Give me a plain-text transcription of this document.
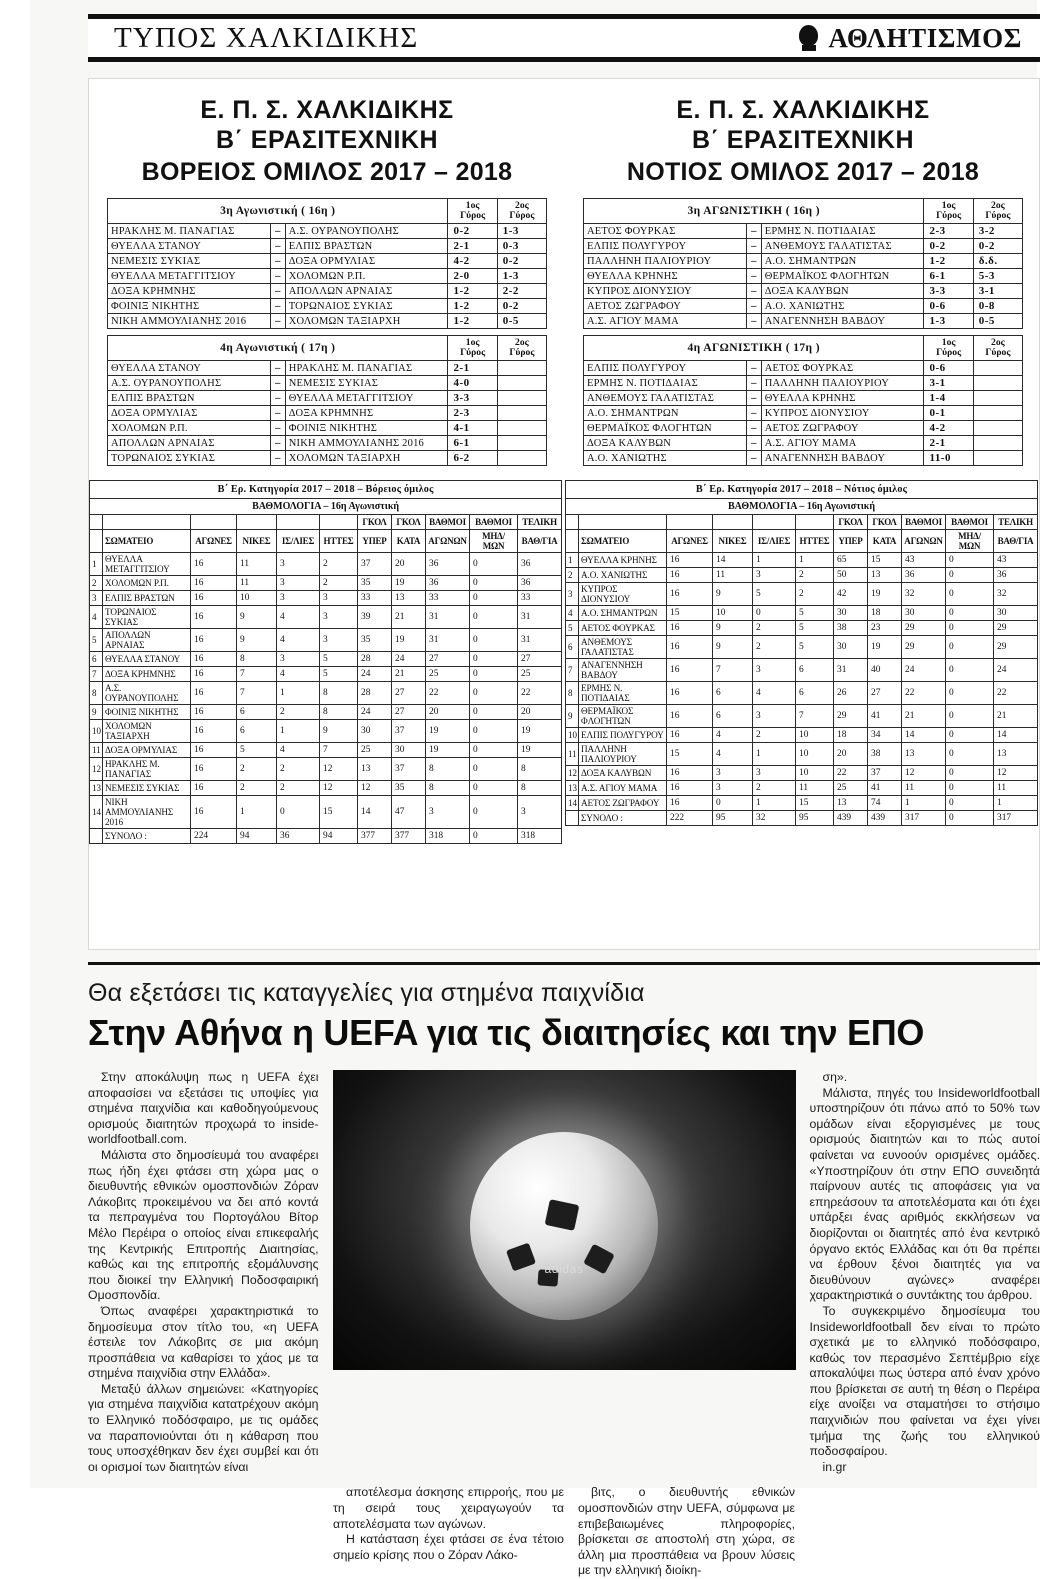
ΤΥΠΟΣ ΧΑΛΚΙΔΙΚΗΣ	ΑΘΛΗΤΙΣΜΟΣ
Ε. Π. Σ. ΧΑΛΚΙΔΙΚΗΣ
Β΄ ΕΡΑΣΙΤΕΧΝΙΚΗ
ΒΟΡΕΙΟΣ ΟΜΙΛΟΣ 2017 – 2018
3η Αγωνιστική ( 16η )			1ος
Γύρος	2ος
Γύρος
ΗΡΑΚΛΗΣ Μ. ΠΑΝΑΓΙΑΣ	–	Α.Σ. ΟΥΡΑΝΟΥΠΟΛΗΣ	0-2	1-3
ΘΥΕΛΛΑ ΣΤΑΝΟΥ	–	ΕΛΠΙΣ ΒΡΑΣΤΩΝ	2-1	0-3
ΝΕΜΕΣΙΣ ΣΥΚΙΑΣ	–	ΔΟΞΑ ΟΡΜΥΛΙΑΣ	4-2	0-2
ΘΥΕΛΛΑ ΜΕΤΑΓΓΙΤΣΙΟΥ	–	ΧΟΛΟΜΩΝ Ρ.Π.	2-0	1-3
ΔΟΞΑ ΚΡΗΜΝΗΣ	–	ΑΠΟΛΛΩΝ ΑΡΝΑΙΑΣ	1-2	2-2
ΦΟΙΝΙΞ ΝΙΚΗΤΗΣ	–	ΤΟΡΩΝΑΙΟΣ ΣΥΚΙΑΣ	1-2	0-2
ΝΙΚΗ ΑΜΜΟΥΛΙΑΝΗΣ 2016	–	ΧΟΛΟΜΩΝ ΤΑΞΙΑΡΧΗ	1-2	0-5
4η Αγωνιστική ( 17η )			1ος
Γύρος	2ος
Γύρος
ΘΥΕΛΛΑ ΣΤΑΝΟΥ	–	ΗΡΑΚΛΗΣ Μ. ΠΑΝΑΓΙΑΣ	2-1	
Α.Σ. ΟΥΡΑΝΟΥΠΟΛΗΣ	–	ΝΕΜΕΣΙΣ ΣΥΚΙΑΣ	4-0	
ΕΛΠΙΣ ΒΡΑΣΤΩΝ	–	ΘΥΕΛΛΑ ΜΕΤΑΓΓΙΤΣΙΟΥ	3-3	
ΔΟΞΑ ΟΡΜΥΛΙΑΣ	–	ΔΟΞΑ ΚΡΗΜΝΗΣ	2-3	
ΧΟΛΟΜΩΝ Ρ.Π.	–	ΦΟΙΝΙΞ ΝΙΚΗΤΗΣ	4-1	
ΑΠΟΛΛΩΝ ΑΡΝΑΙΑΣ	–	ΝΙΚΗ ΑΜΜΟΥΛΙΑΝΗΣ 2016	6-1	
ΤΟΡΩΝΑΙΟΣ ΣΥΚΙΑΣ	–	ΧΟΛΟΜΩΝ ΤΑΞΙΑΡΧΗ	6-2	
Β΄ Ερ. Κατηγορία 2017 – 2018 – Βόρειος όμιλος										
ΒΑΘΜΟΛΟΓΙΑ – 16η Αγωνιστική										
						ΓΚΟΛ	ΓΚΟΛ	ΒΑΘΜΟΙ	ΒΑΘΜΟΙ	ΤΕΛΙΚΗ
	ΣΩΜΑΤΕΙΟ	ΑΓΩΝΕΣ	ΝΙΚΕΣ	ΙΣ/ΛΙΕΣ	ΗΤΤΕΣ	ΥΠΕΡ	ΚΑΤΑ	ΑΓΩΝΩΝ	ΜΗΔ/ΜΩΝ	ΒΑΘ/ΓΙΑ
1	ΘΥΕΛΛΑ ΜΕΤΑΓΓΙΤΣΙΟΥ	16	11	3	2	37	20	36	0	36
2	ΧΟΛΟΜΩΝ Ρ.Π.	16	11	3	2	35	19	36	0	36
3	ΕΛΠΙΣ ΒΡΑΣΤΩΝ	16	10	3	3	33	13	33	0	33
4	ΤΟΡΩΝΑΙΟΣ ΣΥΚΙΑΣ	16	9	4	3	39	21	31	0	31
5	ΑΠΟΛΛΩΝ ΑΡΝΑΙΑΣ	16	9	4	3	35	19	31	0	31
6	ΘΥΕΛΛΑ ΣΤΑΝΟΥ	16	8	3	5	28	24	27	0	27
7	ΔΟΞΑ ΚΡΗΜΝΗΣ	16	7	4	5	24	21	25	0	25
8	Α.Σ. ΟΥΡΑΝΟΥΠΟΛΗΣ	16	7	1	8	28	27	22	0	22
9	ΦΟΙΝΙΞ ΝΙΚΗΤΗΣ	16	6	2	8	24	27	20	0	20
10	ΧΟΛΟΜΩΝ ΤΑΞΙΑΡΧΗ	16	6	1	9	30	37	19	0	19
11	ΔΟΞΑ ΟΡΜΥΛΙΑΣ	16	5	4	7	25	30	19	0	19
12	ΗΡΑΚΛΗΣ Μ. ΠΑΝΑΓΙΑΣ	16	2	2	12	13	37	8	0	8
13	ΝΕΜΕΣΙΣ ΣΥΚΙΑΣ	16	2	2	12	12	35	8	0	8
14	ΝΙΚΗ ΑΜΜΟΥΛΙΑΝΗΣ 2016	16	1	0	15	14	47	3	0	3
	ΣΥΝΟΛΟ :	224	94	36	94	377	377	318	0	318
Ε. Π. Σ. ΧΑΛΚΙΔΙΚΗΣ
Β΄ ΕΡΑΣΙΤΕΧΝΙΚΗ
ΝΟΤΙΟΣ ΟΜΙΛΟΣ 2017 – 2018
3η ΑΓΩΝΙΣΤΙΚΗ ( 16η )			1ος
Γύρος	2ος
Γύρος
ΑΕΤΟΣ ΦΟΥΡΚΑΣ	–	ΕΡΜΗΣ Ν. ΠΟΤΙΔΑΙΑΣ	2-3	3-2
ΕΛΠΙΣ ΠΟΛΥΓΥΡΟΥ	–	ΑΝΘΕΜΟΥΣ ΓΑΛΑΤΙΣΤΑΣ	0-2	0-2
ΠΑΛΛΗΝΗ ΠΑΛΙΟΥΡΙΟΥ	–	Α.Ο. ΣΗΜΑΝΤΡΩΝ	1-2	δ.δ.
ΘΥΕΛΛΑ ΚΡΗΝΗΣ	–	ΘΕΡΜΑΪΚΟΣ ΦΛΟΓΗΤΩΝ	6-1	5-3
ΚΥΠΡΟΣ ΔΙΟΝΥΣΙΟΥ	–	ΔΟΞΑ ΚΑΛΥΒΩΝ	3-3	3-1
ΑΕΤΟΣ ΖΩΓΡΑΦΟΥ	–	Α.Ο. ΧΑΝΙΩΤΗΣ	0-6	0-8
Α.Σ. ΑΓΙΟΥ ΜΑΜΑ	–	ΑΝΑΓΕΝΝΗΣΗ ΒΑΒΔΟΥ	1-3	0-5
4η ΑΓΩΝΙΣΤΙΚΗ ( 17η )			1ος
Γύρος	2ος
Γύρος
ΕΛΠΙΣ ΠΟΛΥΓΥΡΟΥ	–	ΑΕΤΟΣ ΦΟΥΡΚΑΣ	0-6	
ΕΡΜΗΣ Ν. ΠΟΤΙΔΑΙΑΣ	–	ΠΑΛΛΗΝΗ ΠΑΛΙΟΥΡΙΟΥ	3-1	
ΑΝΘΕΜΟΥΣ ΓΑΛΑΤΙΣΤΑΣ	–	ΘΥΕΛΛΑ ΚΡΗΝΗΣ	1-4	
Α.Ο. ΣΗΜΑΝΤΡΩΝ	–	ΚΥΠΡΟΣ ΔΙΟΝΥΣΙΟΥ	0-1	
ΘΕΡΜΑΪΚΟΣ ΦΛΟΓΗΤΩΝ	–	ΑΕΤΟΣ ΖΩΓΡΑΦΟΥ	4-2	
ΔΟΞΑ ΚΑΛΥΒΩΝ	–	Α.Σ. ΑΓΙΟΥ ΜΑΜΑ	2-1	
Α.Ο. ΧΑΝΙΩΤΗΣ	–	ΑΝΑΓΕΝΝΗΣΗ ΒΑΒΔΟΥ	11-0	
Β΄ Ερ. Κατηγορία 2017 – 2018 – Νότιος όμιλος										
ΒΑΘΜΟΛΟΓΙΑ – 16η Αγωνιστική										
						ΓΚΟΛ	ΓΚΟΛ	ΒΑΘΜΟΙ	ΒΑΘΜΟΙ	ΤΕΛΙΚΗ
	ΣΩΜΑΤΕΙΟ	ΑΓΩΝΕΣ	ΝΙΚΕΣ	ΙΣ/ΛΙΕΣ	ΗΤΤΕΣ	ΥΠΕΡ	ΚΑΤΑ	ΑΓΩΝΩΝ	ΜΗΔ/ΜΩΝ	ΒΑΘ/ΓΙΑ
1	ΘΥΕΛΛΑ ΚΡΗΝΗΣ	16	14	1	1	65	15	43	0	43
2	Α.Ο. ΧΑΝΙΩΤΗΣ	16	11	3	2	50	13	36	0	36
3	ΚΥΠΡΟΣ ΔΙΟΝΥΣΙΟΥ	16	9	5	2	42	19	32	0	32
4	Α.Ο. ΣΗΜΑΝΤΡΩΝ	15	10	0	5	30	18	30	0	30
5	ΑΕΤΟΣ ΦΟΥΡΚΑΣ	16	9	2	5	38	23	29	0	29
6	ΑΝΘΕΜΟΥΣ ΓΑΛΑΤΙΣΤΑΣ	16	9	2	5	30	19	29	0	29
7	ΑΝΑΓΕΝΝΗΣΗ ΒΑΒΔΟΥ	16	7	3	6	31	40	24	0	24
8	ΕΡΜΗΣ Ν. ΠΟΤΙΔΑΙΑΣ	16	6	4	6	26	27	22	0	22
9	ΘΕΡΜΑΪΚΟΣ ΦΛΟΓΗΤΩΝ	16	6	3	7	29	41	21	0	21
10	ΕΛΠΙΣ ΠΟΛΥΓΥΡΟΥ	16	4	2	10	18	34	14	0	14
11	ΠΑΛΛΗΝΗ ΠΑΛΙΟΥΡΙΟΥ	15	4	1	10	20	38	13	0	13
12	ΔΟΞΑ ΚΑΛΥΒΩΝ	16	3	3	10	22	37	12	0	12
13	Α.Σ. ΑΓΙΟΥ ΜΑΜΑ	16	3	2	11	25	41	11	0	11
14	ΑΕΤΟΣ ΖΩΓΡΑΦΟΥ	16	0	1	15	13	74	1	0	1
	ΣΥΝΟΛΟ :	222	95	32	95	439	439	317	0	317
Θα εξετάσει τις καταγγελίες για στημένα παιχνίδια
Στην Αθήνα η UEFA για τις διαιτησίες και την ΕΠΟ

Στην αποκάλυψη πως η UEFA έχει αποφασίσει να εξετάσει τις υποψίες για στημένα παιχνίδια και καθοδηγούμενους ορισμούς διαιτητών προχωρά το inside-worldfootball.com.

Μάλιστα στο δημοσίευμά του αναφέρει πως ήδη έχει φτάσει στη χώρα μας ο διευθυντής εθνικών ομοσπονδιών Ζόραν Λάκοβιτς προκειμένου να δει από κοντά τα πεπραγμένα του Πορτογάλου Βίτορ Μέλο Περέιρα ο οποίος είναι επικεφαλής της Κεντρικής Επιτροπής Διαιτησίας, καθώς και της επιτροπής εξομάλυνσης που διοικεί την Ελληνική Ποδοσφαιρική Ομοσπονδία.

Όπως αναφέρει χαρακτηριστικά το δημοσίευμα στον τίτλο του, «η UEFA έστειλε τον Λάκοβιτς σε μια ακόμη προσπάθεια να καθαρίσει το χάος με τα στημένα παιχνίδια στην Ελλάδα».

Μεταξύ άλλων σημειώνει: «Κατηγορίες για στημένα παιχνίδια κατατρέχουν ακόμη το Ελληνικό ποδόσφαιρο, με τις ομάδες να παραπονιούνται ότι η κάθαρση που τους υποσχέθηκαν δεν έχει συμβεί και ότι οι ορισμοί των διαιτητών είναι

adidas

ση».

Μάλιστα, πηγές του Insideworldfootball υποστηρίζουν ότι πάνω από το 50% των ομάδων είναι εξοργισμένες με τους ορισμούς διαιτητών και το πώς αυτοί φαίνεται να ευνοούν ορισμένες ομάδες. «Υποστηρίζουν ότι στην ΕΠΟ συνειδητά παίρνουν αυτές τις αποφάσεις για να επηρεάσουν τα αποτελέσματα και ότι έχει υπάρξει ένας αριθμός εκκλήσεων να διορίζονται οι διαιτητές από ένα κεντρικό όργανο εκτός Ελλάδας και ότι θα πρέπει να έρθουν ξένοι διαιτητές για να διευθύνουν αγώνες» αναφέρει χαρακτηριστικά ο συντάκτης του άρθρου.

Το συγκεκριμένο δημοσίευμα του Insideworldfootball δεν είναι το πρώτο σχετικά με το ελληνικό ποδόσφαιρο, καθώς τον περασμένο Σεπτέμβριο είχε αποκαλύψει πως ύστερα από έναν χρόνο που βρίσκεται σε αυτή τη θέση ο Περέιρα είχε ανοίξει να σταματήσει το στήσιμο παιχνιδιών που φαίνεται να έχει γίνει τμήμα της ζωής του ελληνικού ποδοσφαίρου.

in.gr

αποτέλεσμα άσκησης επιρροής, που με τη σειρά τους χειραγωγούν τα αποτελέσματα των αγώνων.

Η κατάσταση έχει φτάσει σε ένα τέτοιο σημείο κρίσης που ο Ζόραν Λάκο-

βιτς, ο διευθυντής εθνικών ομοσπονδιών στην UEFA, σύμφωνα με επιβεβαιωμένες πληροφορίες, βρίσκεται σε αποστολή στη χώρα, σε άλλη μια προσπάθεια να βρουν λύσεις με την ελληνική διοίκη-
